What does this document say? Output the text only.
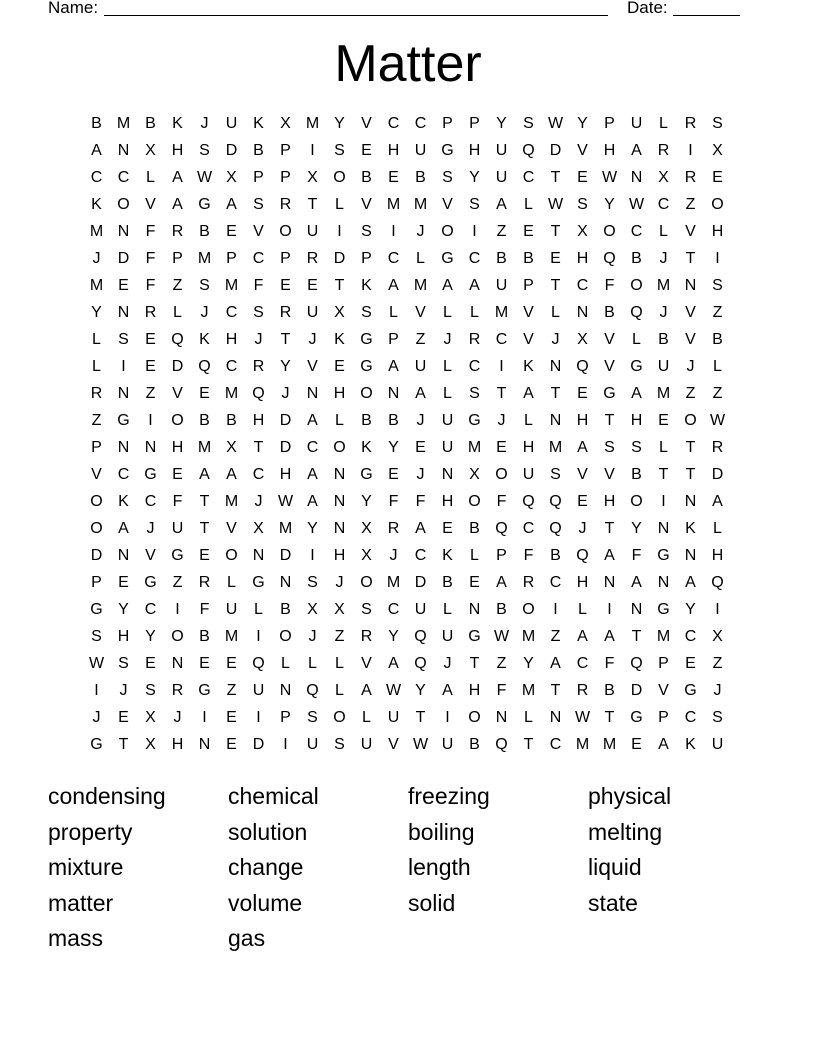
Name:	Date:
Matter
B M B	K	J	U K	X M Y	V C C P	P	Y	S W Y	P U	L	R S
A N X H S D B	P	I	S	E H U G H U Q D V H A R	I	X
C C	L	A W X	P	P	X O B	E	B	S	Y U C	T	E W N X R E
K O V	A G A	S R	T	L	V M M V	S	A	L W S	Y W C	Z O
M N	F	R B	E	V O U	I	S	I	J	O	I	Z	E	T	X O C	L	V H
J	D	F	P M P C P R D P C	L	G C B	B	E H Q B	J	T	I
M E	F	Z	S M F	E	E	T	K	A M A	A U P	T	C	F O M N S
Y N R	L	J	C S R U X	S	L	V	L	L M V	L	N B Q	J	V	Z
L	S	E Q K H	J	T	J	K G P	Z	J	R C V	J	X	V	L	B	V	B
L	I	E D Q C R Y	V	E G A U	L	C	I	K N Q V G U	J	L
R N	Z	V	E M Q	J	N H O N A	L	S	T	A	T	E G A M Z	Z
Z G	I	O B	B H D A	L	B	B	J	U G	J	L	N H	T	H E O W
P N N H M X	T	D C O K	Y	E U M E H M A	S	S	L	T	R
V C G E	A	A C H A N G E	J	N X O U S	V	V	B	T	T	D
O K C	F	T M	J W A N Y	F	F	H O F Q Q E H O	I	N A
O A	J	U	T	V	X M Y N X R A	E	B Q C Q	J	T	Y N K	L
D N V G E O N D	I	H X	J	C K	L	P	F	B Q A	F G N H
P	E G Z	R	L	G N S	J	O M D B	E	A R C H N A N A Q
G Y C	I	F	U	L	B	X	X	S C U	L	N B O	I	L	I	N G Y	I
S H Y O B M	I	O	J	Z	R Y Q U G W M Z	A	A	T M C X
W S	E N E	E Q	L	L	L	V	A Q	J	T	Z	Y	A C	F Q P	E	Z
I	J	S R G Z	U N Q	L	A W Y	A H	F M T	R B D V G	J
J	E	X	J	I	E	I	P	S O	L	U	T	I	O N	L	N W T G P C S
G T	X H N E D	I	U S U V W U B Q T	C M M E	A	K U
condensing	chemical	freezing	physical
property	solution	boiling	melting
mixture	change	length	liquid
matter	volume	solid	state
mass	gas
